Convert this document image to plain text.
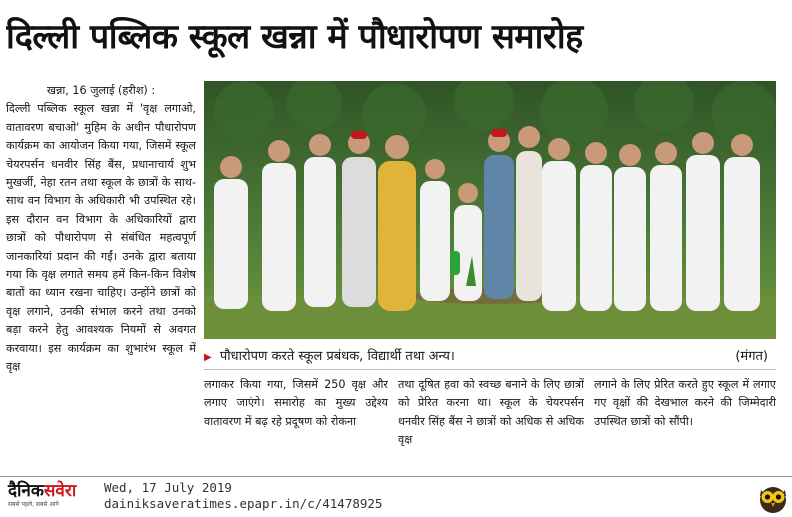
दिल्ली पब्लिक स्कूल खन्ना में पौधारोपण समारोह
खन्ना, 16 जुलाई (हरीश) :
दिल्ली पब्लिक स्कूल खन्ना में 'वृक्ष लगाओ, वातावरण बचाओ' मुहिम के अधीन पौधारोपण कार्यक्रम का आयोजन किया गया, जिसमें स्कूल चेयरपर्सन धनवीर सिंह बैंस, प्रधानाचार्य शुभ मुखर्जी, नेहा रतन तथा स्कूल के छात्रों के साथ-साथ वन विभाग के अधिकारी भी उपस्थित रहे। इस दौरान वन विभाग के अधिकारियों द्वारा छात्रों को पौधारोपण से संबंधित महत्वपूर्ण जानकारियां प्रदान की गईं। उनके द्वारा बताया गया कि वृक्ष लगाते समय हमें किन-किन विशेष बातों का ध्यान रखना चाहिए। उन्होंने छात्रों को वृक्ष लगाने, उनकी संभाल करने तथा उनको बड़ा करने हेतु आवश्यक नियमों से अवगत करवाया। इस कार्यक्रम का शुभारंभ स्कूल में वृक्ष
▶ पौधारोपण करते स्कूल प्रबंधक, विद्यार्थी तथा अन्य।	(मंगत)
लगाकर किया गया, जिसमें 250 वृक्ष और लगाए जाएंगे। समारोह का मुख्य उद्देश्य वातावरण में बढ़ रहे प्रदूषण को रोकना
तथा दूषित हवा को स्वच्छ बनाने के लिए छात्रों को प्रेरित करना था। स्कूल के चेयरपर्सन धनवीर सिंह बैंस ने छात्रों को अधिक से अधिक वृक्ष
लगाने के लिए प्रेरित करते हुए स्कूल में लगाए गए वृक्षों की देखभाल करने की जिम्मेदारी उपस्थित छात्रों को सौंपी।
दैनिकसवेरा
सबसे पहले, सबसे आगे
Wed, 17 July 2019
dainiksaveratimes.epapr.in/c/41478925
